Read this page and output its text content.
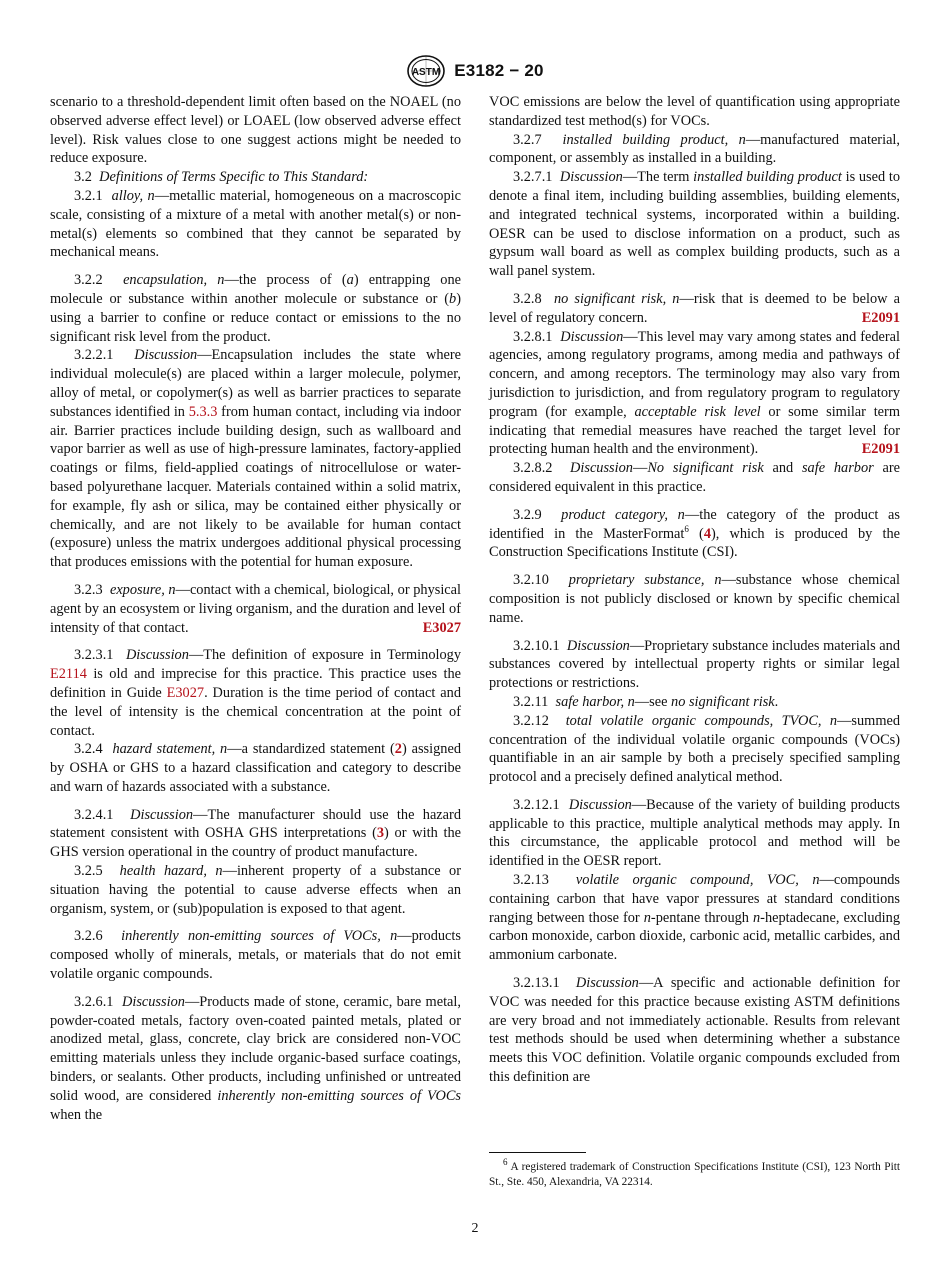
ASTM E3182 − 20

scenario to a threshold-dependent limit often based on the NOAEL (no observed adverse effect level) or LOAEL (low observed adverse effect level). Risk values close to one suggest actions might be needed to reduce exposure.

3.2 Definitions of Terms Specific to This Standard:

3.2.1 alloy, n—metallic material, homogeneous on a macroscopic scale, consisting of a mixture of a metal with another metal(s) or non-metal(s) elements so combined that they cannot be separated by mechanical means.

3.2.2 encapsulation, n—the process of (a) entrapping one molecule or substance within another molecule or substance or (b) using a barrier to confine or reduce contact or emissions to the no significant risk level from the product.

3.2.2.1 Discussion—Encapsulation includes the state where individual molecule(s) are placed within a larger molecule, polymer, alloy of metal, or copolymer(s) as well as barrier practices to separate substances identified in 5.3.3 from human contact, including via indoor air. Barrier practices include building design, such as wallboard and vapor barrier as well as use of high-pressure laminates, factory-applied coatings or films, field-applied coatings of nitrocellulose or water-based polyurethane lacquer. Materials contained within a solid matrix, for example, fly ash or silica, may be contained either physically or chemically, and are not likely to be available for human contact (exposure) unless the matrix undergoes additional physical processing that produces emissions with the potential for human exposure.

3.2.3 exposure, n—contact with a chemical, biological, or physical agent by an ecosystem or living organism, and the duration and level of intensity of that contact.	E3027

3.2.3.1 Discussion—The definition of exposure in Terminology E2114 is old and imprecise for this practice. This practice uses the definition in Guide E3027. Duration is the time period of contact and the level of intensity is the chemical concentration at the point of contact.

3.2.4 hazard statement, n—a standardized statement (2) assigned by OSHA or GHS to a hazard classification and category to describe and warn of hazards associated with a substance.

3.2.4.1 Discussion—The manufacturer should use the hazard statement consistent with OSHA GHS interpretations (3) or with the GHS version operational in the country of product manufacture.

3.2.5 health hazard, n—inherent property of a substance or situation having the potential to cause adverse effects when an organism, system, or (sub)population is exposed to that agent.

3.2.6 inherently non-emitting sources of VOCs, n—products composed wholly of minerals, metals, or materials that do not emit volatile organic compounds.

3.2.6.1 Discussion—Products made of stone, ceramic, bare metal, powder-coated metals, factory oven-coated painted metals, plated or anodized metal, glass, concrete, clay brick are considered non-VOC emitting materials unless they include organic-based surface coatings, binders, or sealants. Other products, including unfinished or untreated solid wood, are considered inherently non-emitting sources of VOCs when the

VOC emissions are below the level of quantification using appropriate standardized test method(s) for VOCs.

3.2.7 installed building product, n—manufactured material, component, or assembly as installed in a building.

3.2.7.1 Discussion—The term installed building product is used to denote a final item, including building assemblies, building elements, and integrated technical systems, incorporated within a building. OESR can be used to disclose information on a product, such as gypsum wall board as well as complex building products, such as a wall panel system.

3.2.8 no significant risk, n—risk that is deemed to be below a level of regulatory concern.	E2091

3.2.8.1 Discussion—This level may vary among states and federal agencies, among regulatory programs, among media and pathways of concern, and among receptors. The terminology may also vary from jurisdiction to jurisdiction, and from regulatory program to regulatory program (for example, acceptable risk level or some similar term indicating that remedial measures have reached the target level for protecting human health and the environment).	E2091

3.2.8.2 Discussion—No significant risk and safe harbor are considered equivalent in this practice.

3.2.9 product category, n—the category of the product as identified in the MasterFormat$^6$ (4), which is produced by the Construction Specifications Institute (CSI).

3.2.10 proprietary substance, n—substance whose chemical composition is not publicly disclosed or known by specific chemical name.

3.2.10.1 Discussion—Proprietary substance includes materials and substances covered by intellectual property rights or similar legal protections or restrictions.

3.2.11 safe harbor, n—see no significant risk.

3.2.12 total volatile organic compounds, TVOC, n—summed concentration of the individual volatile organic compounds (VOCs) quantifiable in an air sample by both a precisely specified sampling protocol and a precisely defined analytical method.

3.2.12.1 Discussion—Because of the variety of building products applicable to this practice, multiple analytical methods may apply. In this circumstance, the applicable protocol and method will be identified in the OESR report.

3.2.13 volatile organic compound, VOC, n—compounds containing carbon that have vapor pressures at standard conditions ranging between those for n-pentane through n-heptadecane, excluding carbon monoxide, carbon dioxide, carbonic acid, metallic carbides, and ammonium carbonate.

3.2.13.1 Discussion—A specific and actionable definition for VOC was needed for this practice because existing ASTM definitions are very broad and not immediately actionable. Results from relevant test methods should be used when determining whether a substance meets this VOC definition. Volatile organic compounds excluded from this definition are

$^6$ A registered trademark of Construction Specifications Institute (CSI), 123 North Pitt St., Ste. 450, Alexandria, VA 22314.
2
